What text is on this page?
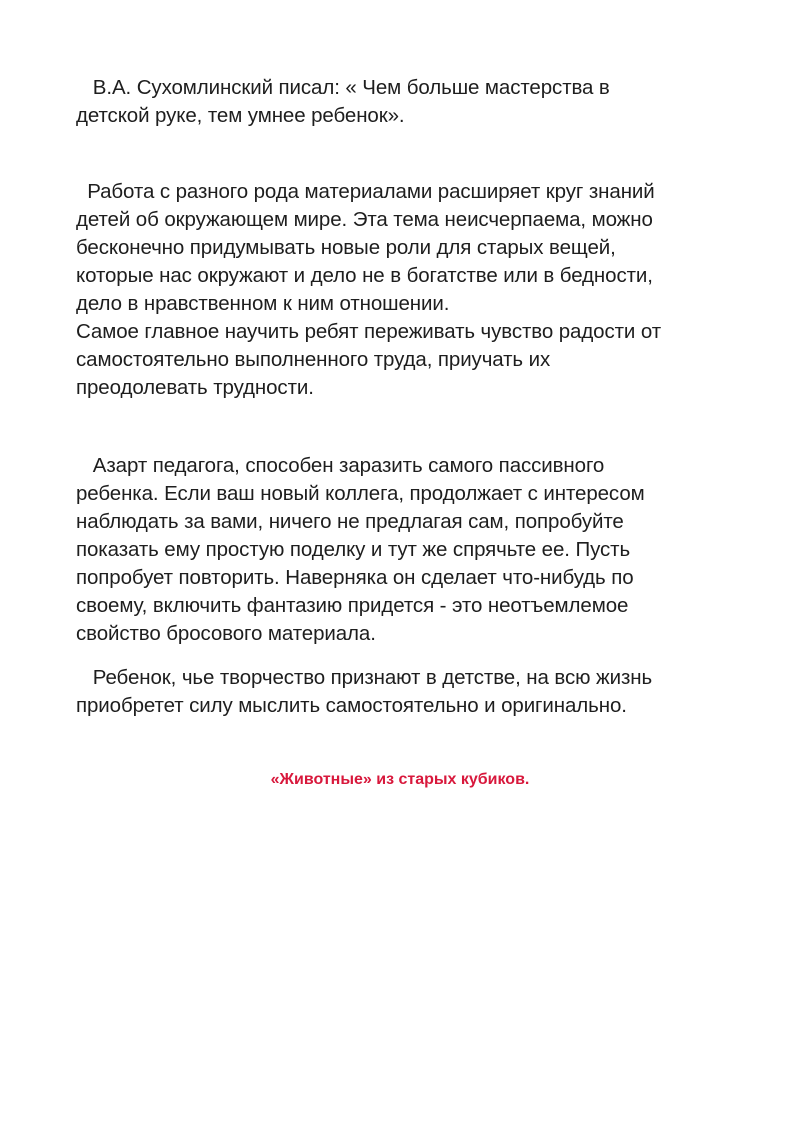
В.А. Сухомлинский писал: « Чем больше мастерства в
детской руке, тем умнее ребенок».

Работа с разного рода материалами расширяет круг знаний
детей об окружающем мире. Эта тема неисчерпаема, можно
бесконечно придумывать новые роли для старых вещей,
которые нас окружают и дело не в богатстве или в бедности,
дело в нравственном к ним отношении.
Самое главное научить ребят переживать чувство радости от
самостоятельно выполненного труда, приучать их
преодолевать трудности.

Азарт педагога, способен заразить самого пассивного
ребенка. Если ваш новый коллега, продолжает с интересом
наблюдать за вами, ничего не предлагая сам, попробуйте
показать ему простую поделку и тут же спрячьте ее. Пусть
попробует повторить. Наверняка он сделает что-нибудь по
своему, включить фантазию придется - это неотъемлемое
свойство бросового материала.

Ребенок, чье творчество признают в детстве, на всю жизнь
приобретет силу мыслить самостоятельно и оригинально.

«Животные» из старых кубиков.
